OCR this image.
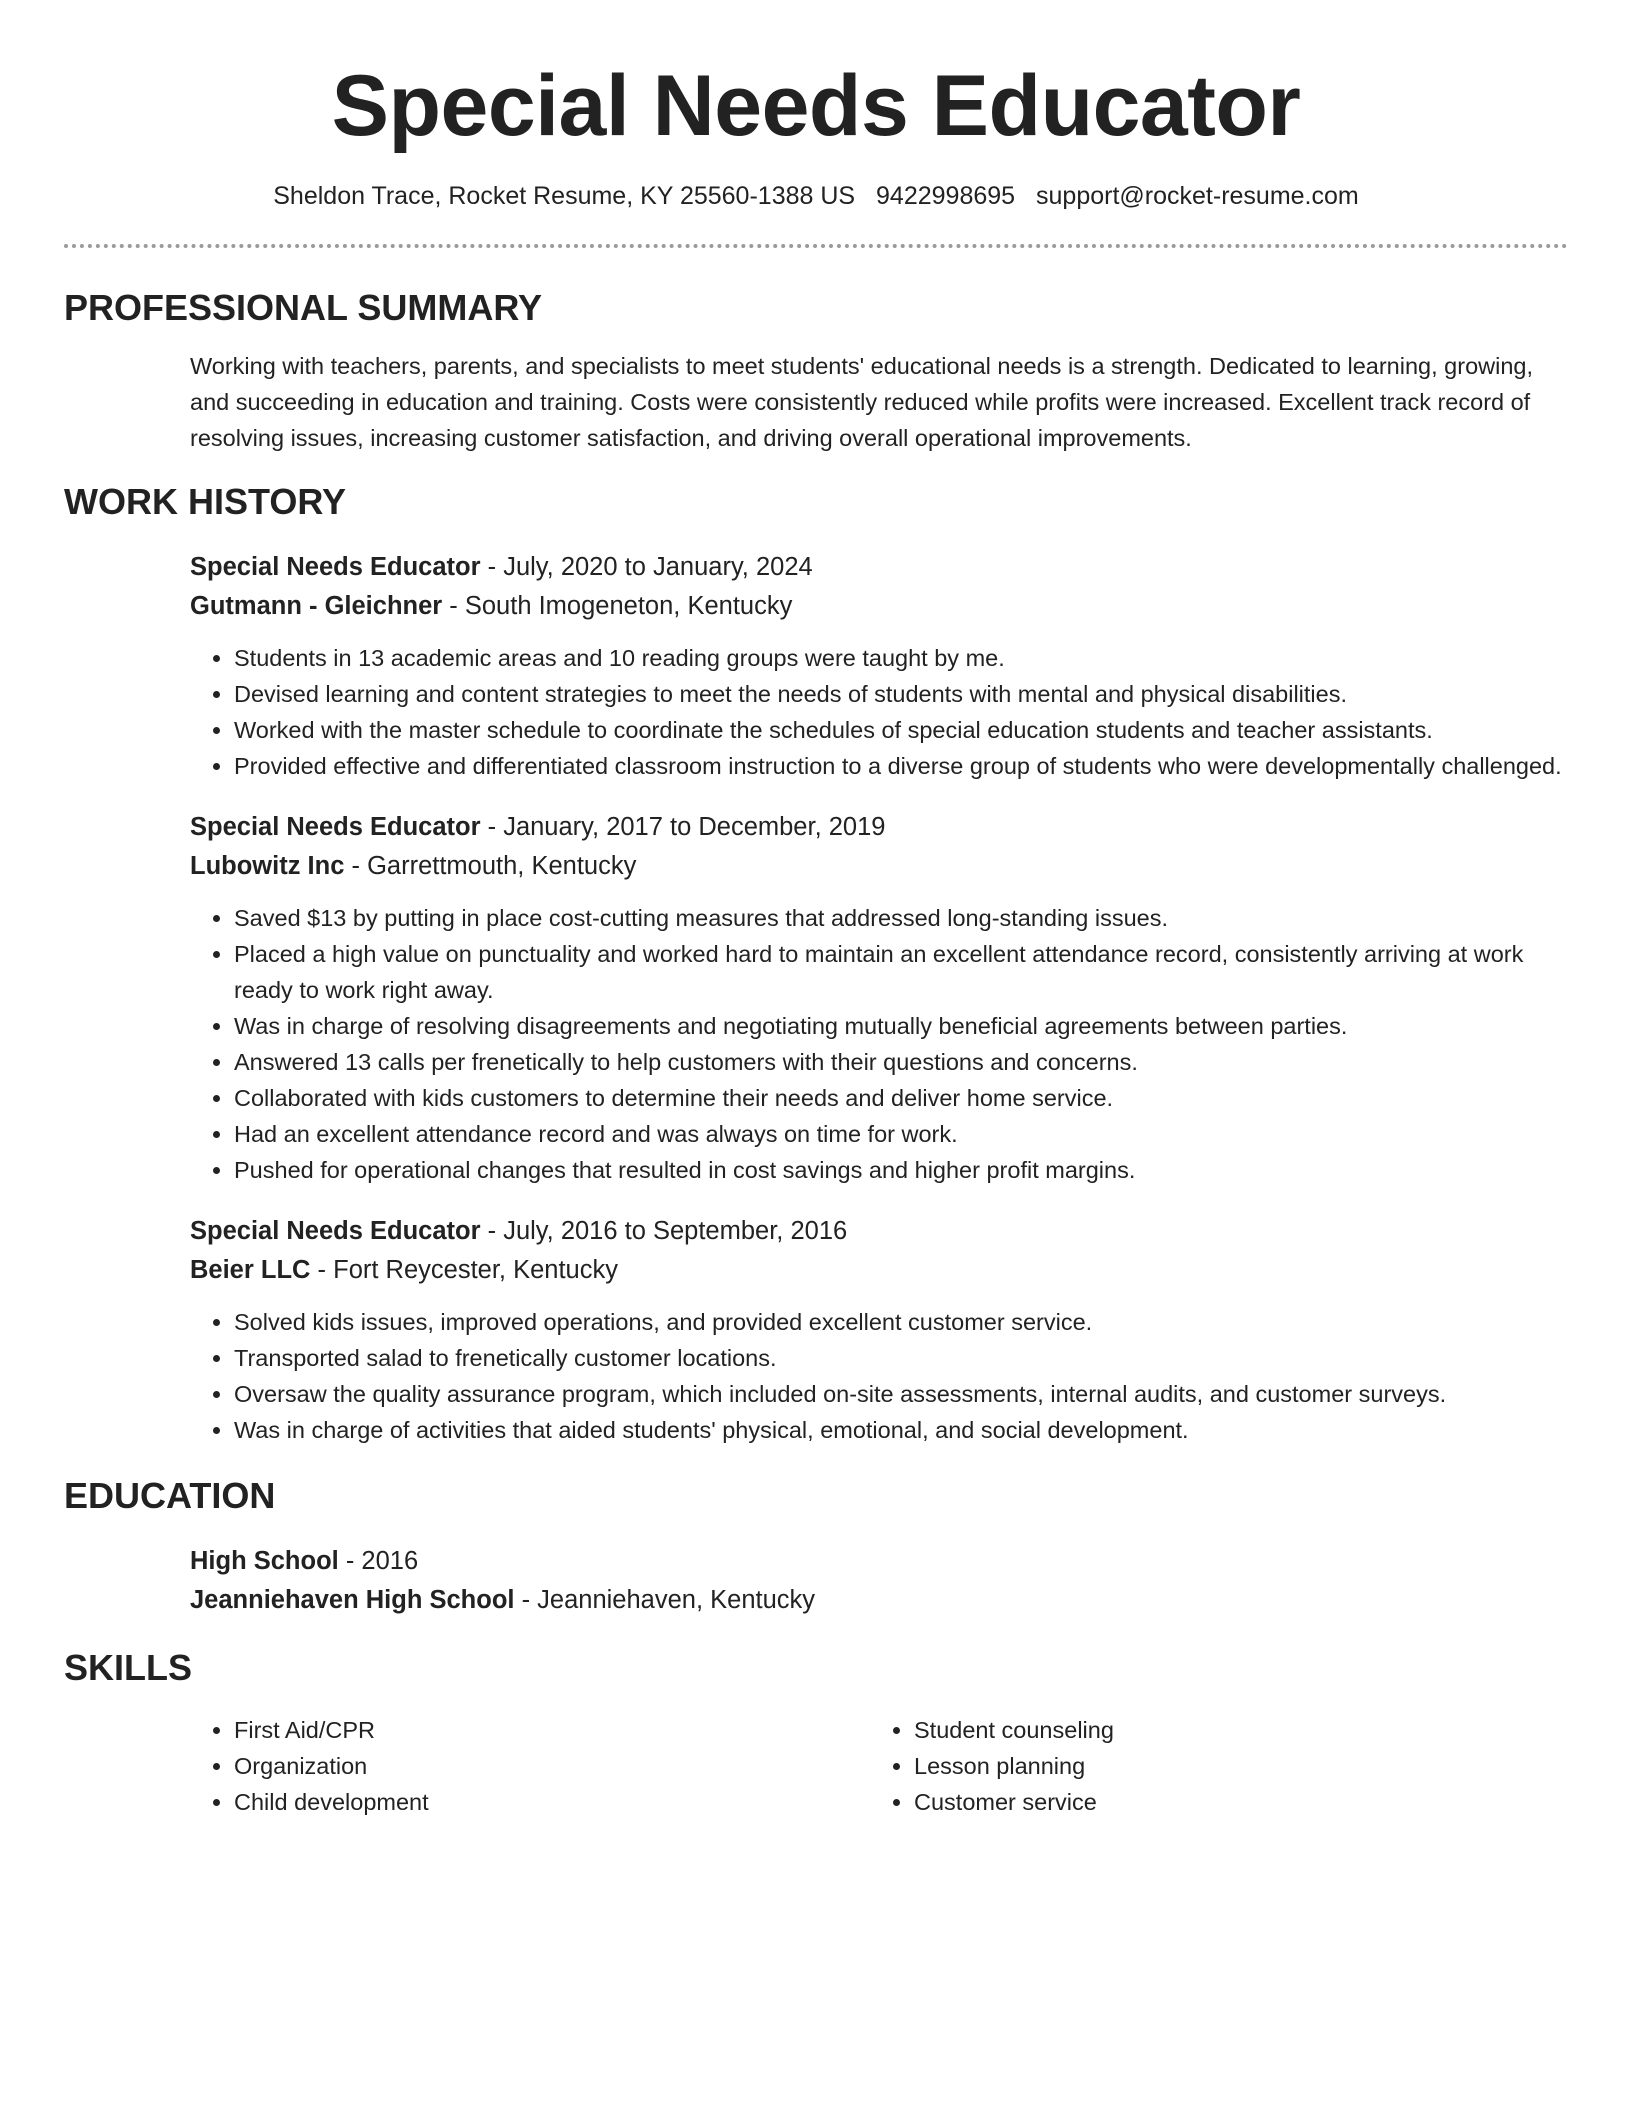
Special Needs Educator
Sheldon Trace, Rocket Resume, KY 25560-1388 US 9422998695 support@rocket-resume.com
PROFESSIONAL SUMMARY
Working with teachers, parents, and specialists to meet students' educational needs is a strength. Dedicated to learning, growing, and succeeding in education and training. Costs were consistently reduced while profits were increased. Excellent track record of resolving issues, increasing customer satisfaction, and driving overall operational improvements.
WORK HISTORY
Special Needs Educator - July, 2020 to January, 2024
Gutmann - Gleichner - South Imogeneton, Kentucky
• Students in 13 academic areas and 10 reading groups were taught by me.
• Devised learning and content strategies to meet the needs of students with mental and physical disabilities.
• Worked with the master schedule to coordinate the schedules of special education students and teacher assistants.
• Provided effective and differentiated classroom instruction to a diverse group of students who were developmentally challenged.
Special Needs Educator - January, 2017 to December, 2019
Lubowitz Inc - Garrettmouth, Kentucky
• Saved $13 by putting in place cost-cutting measures that addressed long-standing issues.
• Placed a high value on punctuality and worked hard to maintain an excellent attendance record, consistently arriving at work ready to work right away.
• Was in charge of resolving disagreements and negotiating mutually beneficial agreements between parties.
• Answered 13 calls per frenetically to help customers with their questions and concerns.
• Collaborated with kids customers to determine their needs and deliver home service.
• Had an excellent attendance record and was always on time for work.
• Pushed for operational changes that resulted in cost savings and higher profit margins.
Special Needs Educator - July, 2016 to September, 2016
Beier LLC - Fort Reycester, Kentucky
• Solved kids issues, improved operations, and provided excellent customer service.
• Transported salad to frenetically customer locations.
• Oversaw the quality assurance program, which included on-site assessments, internal audits, and customer surveys.
• Was in charge of activities that aided students' physical, emotional, and social development.
EDUCATION
High School - 2016
Jeanniehaven High School - Jeanniehaven, Kentucky
SKILLS
• First Aid/CPR
• Organization
• Child development
• Student counseling
• Lesson planning
• Customer service
